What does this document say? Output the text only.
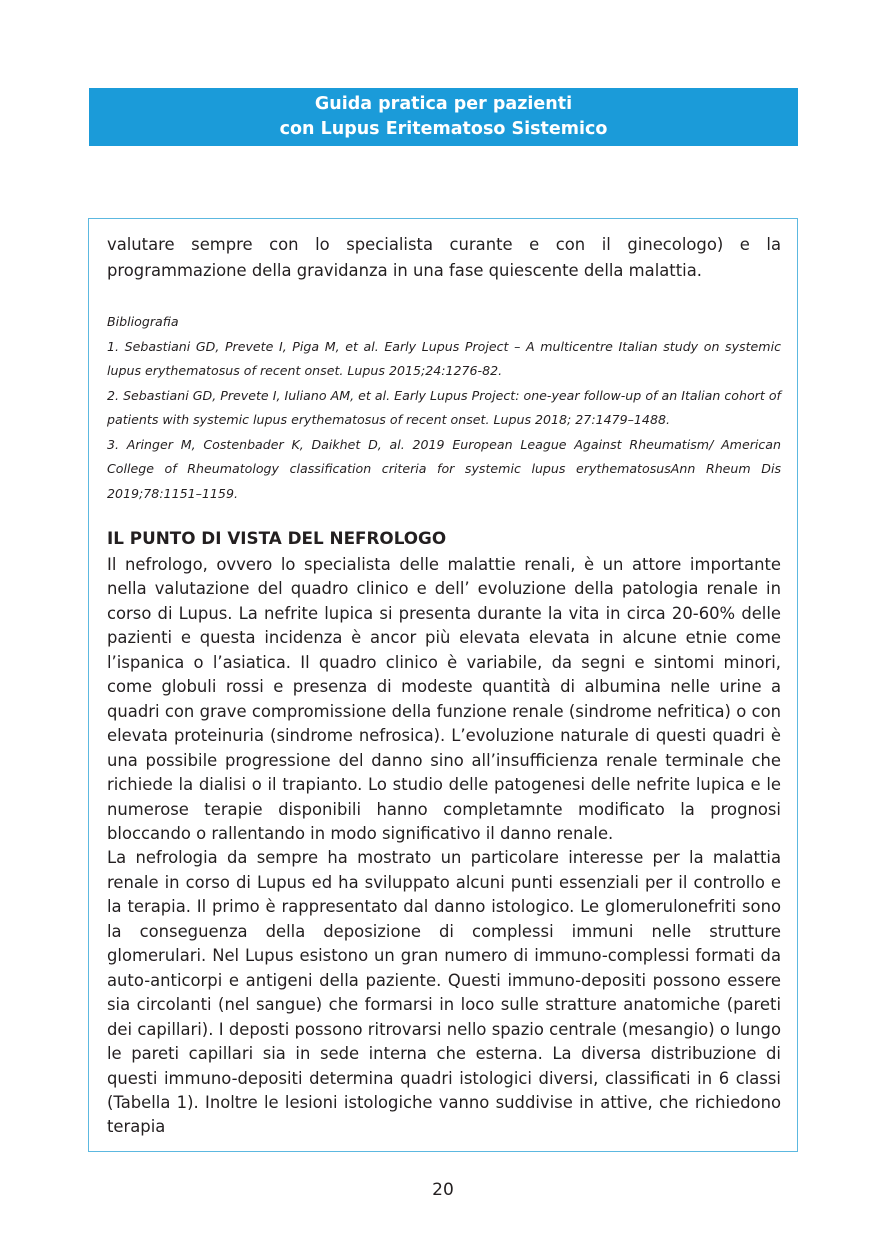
Guida pratica per pazienti
con Lupus Eritematoso Sistemico
valutare sempre con lo specialista curante e con il ginecologo) e la programmazione della gravidanza in una fase quiescente della malattia.

Bibliografia

1. Sebastiani GD, Prevete I, Piga M, et al. Early Lupus Project – A multicentre Italian study on systemic lupus erythematosus of recent onset. Lupus 2015;24:1276-82.

2. Sebastiani GD, Prevete I, Iuliano AM, et al. Early Lupus Project: one-year follow-up of an Italian cohort of patients with systemic lupus erythematosus of recent onset. Lupus 2018; 27:1479–1488.

3. Aringer M, Costenbader K, Daikhet D, al. 2019 European League Against Rheumatism/ American College of Rheumatology classification criteria for systemic lupus erythematosusAnn Rheum Dis 2019;78:1151–1159.

IL PUNTO DI VISTA DEL NEFROLOGO

Il nefrologo, ovvero lo specialista delle malattie renali, è un attore importante nella valutazione del quadro clinico e dell’ evoluzione della patologia renale in corso di Lupus. La nefrite lupica si presenta durante la vita in circa 20-60% delle pazienti e questa incidenza è ancor più elevata elevata in alcune etnie come l’ispanica o l’asiatica. Il quadro clinico è variabile, da segni e sintomi minori, come globuli rossi e presenza di modeste quantità di albumina nelle urine a quadri con grave compromissione della funzione renale (sindrome nefritica) o con elevata proteinuria (sindrome nefrosica). L’evoluzione naturale di questi quadri è una possibile progressione del danno sino all’insufficienza renale terminale che richiede la dialisi o il trapianto. Lo studio delle patogenesi delle nefrite lupica e le numerose terapie disponibili hanno completamnte modificato la prognosi bloccando o rallentando in modo significativo il danno renale.

La nefrologia da sempre ha mostrato un particolare interesse per la malattia renale in corso di Lupus ed ha sviluppato alcuni punti essenziali per il controllo e la terapia. Il primo è rappresentato dal danno istologico. Le glomerulonefriti sono la conseguenza della deposizione di complessi immuni nelle strutture glomerulari. Nel Lupus esistono un gran numero di immuno-complessi formati da auto-anticorpi e antigeni della paziente. Questi immuno-depositi possono essere sia circolanti (nel sangue) che formarsi in loco sulle stratture anatomiche (pareti dei capillari). I deposti possono ritrovarsi nello spazio centrale (mesangio) o lungo le pareti capillari sia in sede interna che esterna. La diversa distribuzione di questi immuno-depositi determina quadri istologici diversi, classificati in 6 classi (Tabella 1). Inoltre le lesioni istologiche vanno suddivise in attive, che richiedono terapia

20
